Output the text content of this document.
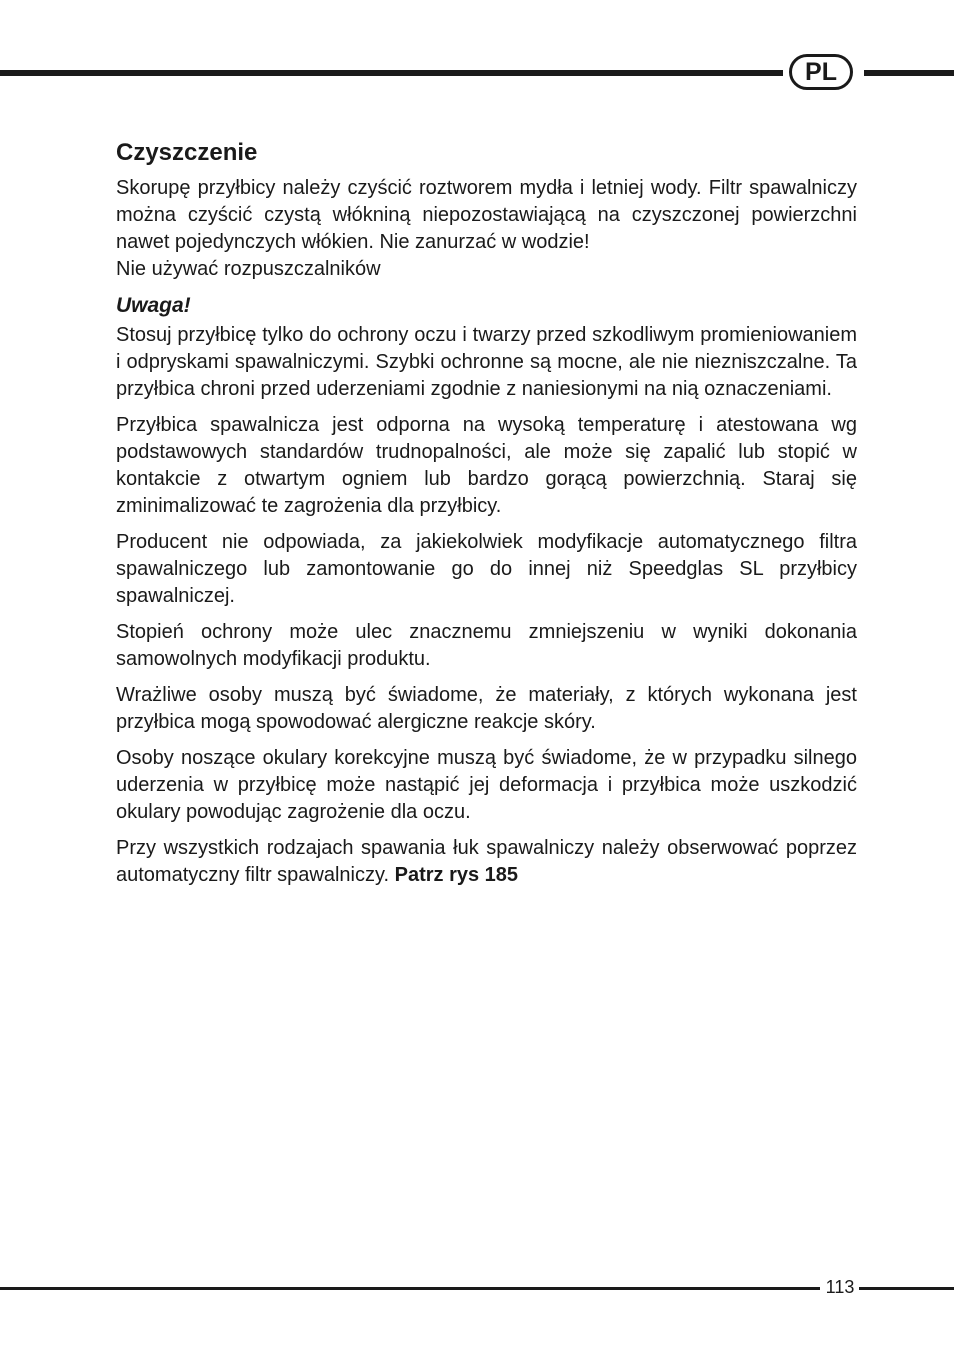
PL
Czyszczenie

Skorupę przyłbicy należy czyścić roztworem mydła i letniej wody. Filtr spawalniczy można czyścić czystą włókniną niepozostawiającą na czyszczonej powierzchni nawet pojedynczych włókien. Nie zanurzać w wodzie!

Nie używać rozpuszczalników

Uwaga!

Stosuj przyłbicę tylko do ochrony oczu i twarzy przed szkodliwym promieniowaniem i odpryskami spawalniczymi. Szybki ochronne są mocne, ale nie niezniszczalne. Ta przyłbica chroni przed uderzeniami zgodnie z naniesionymi na nią oznaczeniami.

Przyłbica spawalnicza jest odporna na wysoką temperaturę i atestowana wg podstawowych standardów trudnopalności, ale może się zapalić lub stopić w kontakcie z otwartym ogniem lub bardzo gorącą powierzchnią. Staraj się zminimalizować te zagrożenia dla przyłbicy.

Producent nie odpowiada, za jakiekolwiek modyfikacje automatycznego filtra spawalniczego lub zamontowanie go do innej niż Speedglas SL przyłbicy spawalniczej.

Stopień ochrony może ulec znacznemu zmniejszeniu w wyniki dokonania samowolnych modyfikacji produktu.

Wrażliwe osoby muszą być świadome, że materiały, z których wykonana jest przyłbica mogą spowodować alergiczne reakcje skóry.

Osoby noszące okulary korekcyjne muszą być świadome, że w przypadku silnego uderzenia w przyłbicę może nastąpić jej deformacja i przyłbica może uszkodzić okulary powodując zagrożenie dla oczu.

Przy wszystkich rodzajach spawania łuk spawalniczy należy obserwować poprzez automatyczny filtr spawalniczy. Patrz rys 185

113
